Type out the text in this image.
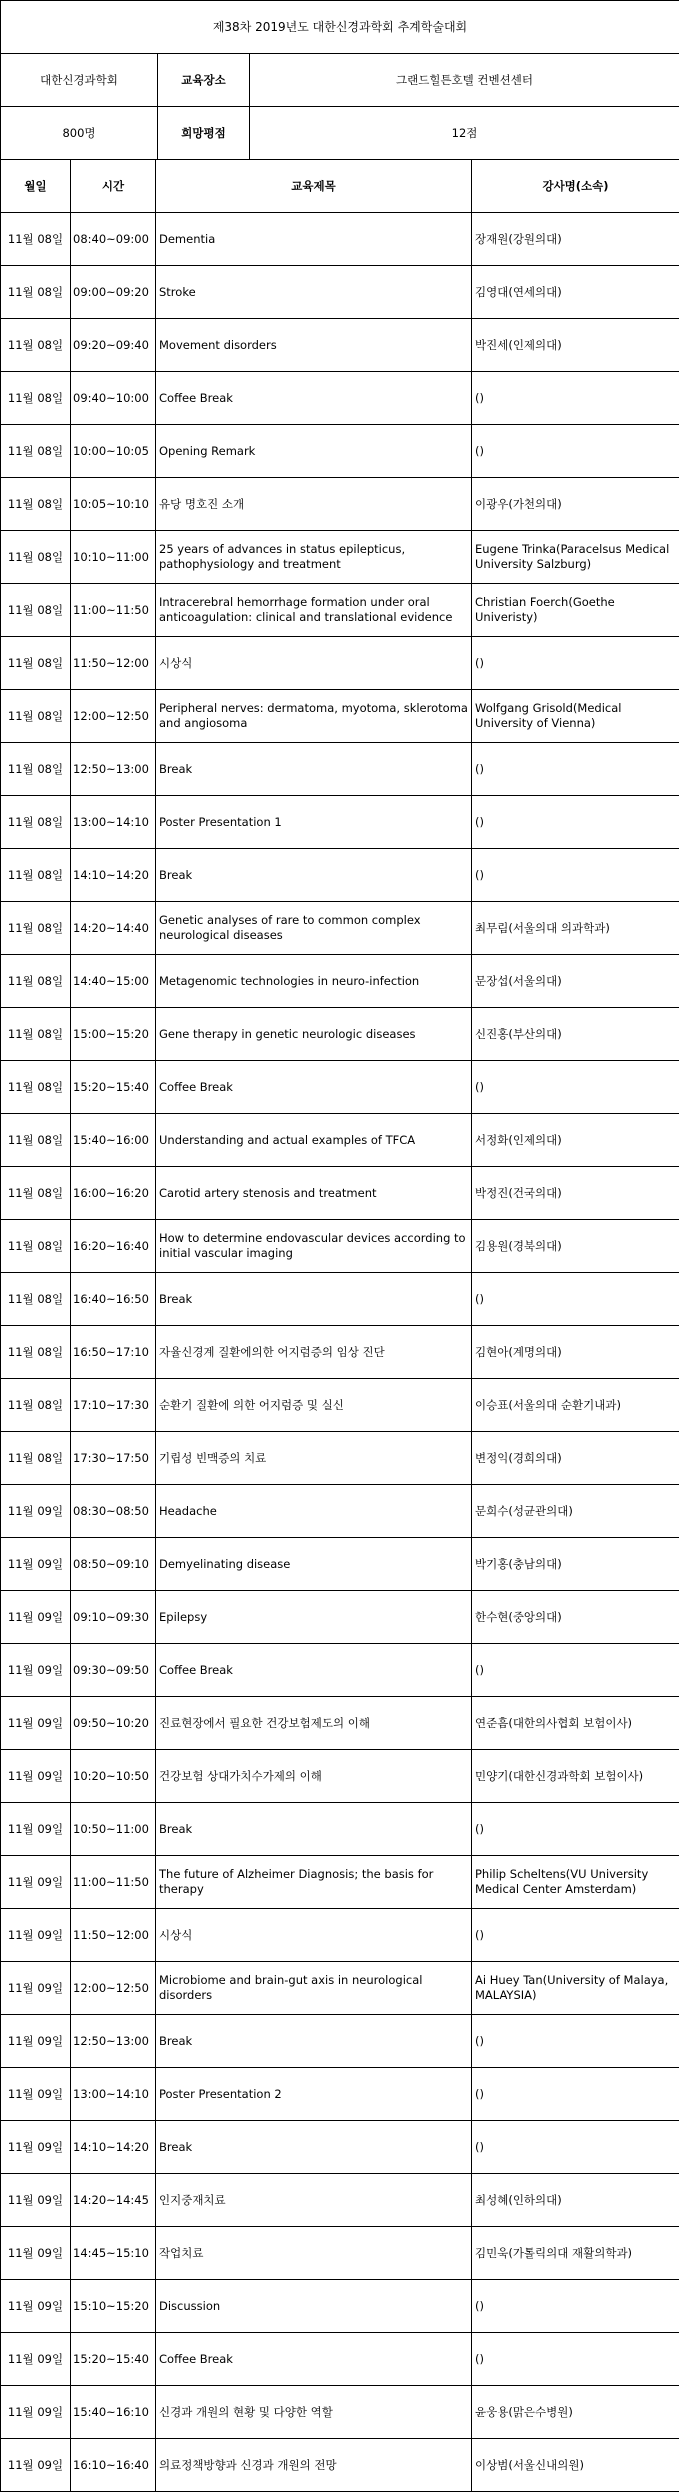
제38차 2019년도 대한신경과학회 추계학술대회
대한신경과학회	교육장소	그랜드힐튼호텔 컨벤션센터
800명	희망평점	12점
월일	시간	교육제목	강사명(소속)
11월 08일	08:40~09:00	Dementia	장재원(강원의대)
11월 08일	09:00~09:20	Stroke	김영대(연세의대)
11월 08일	09:20~09:40	Movement disorders	박진세(인제의대)
11월 08일	09:40~10:00	Coffee Break	()
11월 08일	10:00~10:05	Opening Remark	()
11월 08일	10:05~10:10	유당 명호진 소개	이광우(가천의대)
11월 08일	10:10~11:00	25 years of advances in status epilepticus, pathophysiology and treatment	Eugene Trinka(Paracelsus Medical University Salzburg)
11월 08일	11:00~11:50	Intracerebral hemorrhage formation under oral anticoagulation: clinical and translational evidence	Christian Foerch(Goethe Univeristy)
11월 08일	11:50~12:00	시상식	()
11월 08일	12:00~12:50	Peripheral nerves: dermatoma, myotoma, sklerotoma and angiosoma	Wolfgang Grisold(Medical University of Vienna)
11월 08일	12:50~13:00	Break	()
11월 08일	13:00~14:10	Poster Presentation 1	()
11월 08일	14:10~14:20	Break	()
11월 08일	14:20~14:40	Genetic analyses of rare to common complex neurological diseases	최무림(서울의대 의과학과)
11월 08일	14:40~15:00	Metagenomic technologies in neuro-infection	문장섭(서울의대)
11월 08일	15:00~15:20	Gene therapy in genetic neurologic diseases	신진홍(부산의대)
11월 08일	15:20~15:40	Coffee Break	()
11월 08일	15:40~16:00	Understanding and actual examples of TFCA	서정화(인제의대)
11월 08일	16:00~16:20	Carotid artery stenosis and treatment	박정진(건국의대)
11월 08일	16:20~16:40	How to determine endovascular devices according to initial vascular imaging	김용원(경북의대)
11월 08일	16:40~16:50	Break	()
11월 08일	16:50~17:10	자율신경계 질환에의한 어지럼증의 임상 진단	김현아(계명의대)
11월 08일	17:10~17:30	순환기 질환에 의한 어지럼증 및 실신	이승표(서울의대 순환기내과)
11월 08일	17:30~17:50	기립성 빈맥증의 치료	변정익(경희의대)
11월 09일	08:30~08:50	Headache	문희수(성균관의대)
11월 09일	08:50~09:10	Demyelinating disease	박기홍(충남의대)
11월 09일	09:10~09:30	Epilepsy	한수현(중앙의대)
11월 09일	09:30~09:50	Coffee Break	()
11월 09일	09:50~10:20	진료현장에서 필요한 건강보험제도의 이해	연준흠(대한의사협회 보험이사)
11월 09일	10:20~10:50	건강보험 상대가치수가제의 이해	민양기(대한신경과학회 보험이사)
11월 09일	10:50~11:00	Break	()
11월 09일	11:00~11:50	The future of Alzheimer Diagnosis; the basis for therapy	Philip Scheltens(VU University Medical Center Amsterdam)
11월 09일	11:50~12:00	시상식	()
11월 09일	12:00~12:50	Microbiome and brain-gut axis in neurological disorders	Ai Huey Tan(University of Malaya, MALAYSIA)
11월 09일	12:50~13:00	Break	()
11월 09일	13:00~14:10	Poster Presentation 2	()
11월 09일	14:10~14:20	Break	()
11월 09일	14:20~14:45	인지중재치료	최성혜(인하의대)
11월 09일	14:45~15:10	작업치료	김민욱(가톨릭의대 재활의학과)
11월 09일	15:10~15:20	Discussion	()
11월 09일	15:20~15:40	Coffee Break	()
11월 09일	15:40~16:10	신경과 개원의 현황 및 다양한 역할	윤웅용(맑은수병원)
11월 09일	16:10~16:40	의료정책방향과 신경과 개원의 전망	이상범(서울신내의원)
